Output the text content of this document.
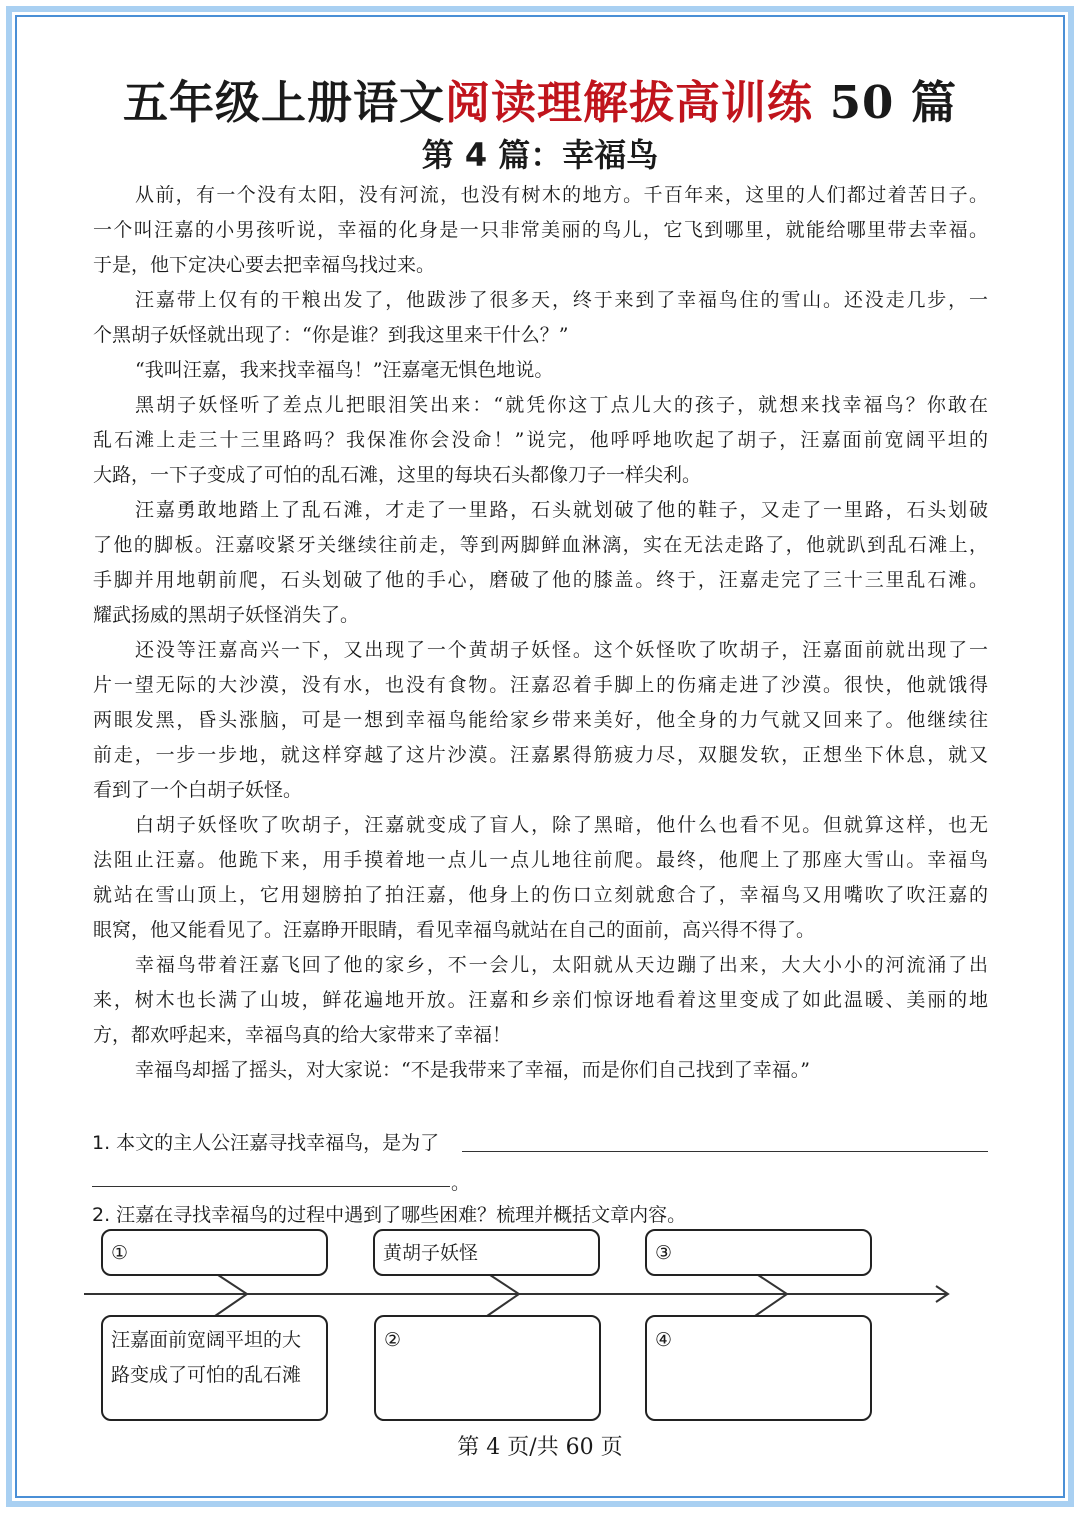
五年级上册语文阅读理解拔高训练 50 篇
第 4 篇：幸福鸟
从前，有一个没有太阳，没有河流，也没有树木的地方。千百年来，这里的人们都过着苦日子。
一个叫汪嘉的小男孩听说，幸福的化身是一只非常美丽的鸟儿，它飞到哪里，就能给哪里带去幸福。
于是，他下定决心要去把幸福鸟找过来。
汪嘉带上仅有的干粮出发了，他跋涉了很多天，终于来到了幸福鸟住的雪山。还没走几步，一
个黑胡子妖怪就出现了：“你是谁？到我这里来干什么？”
“我叫汪嘉，我来找幸福鸟！”汪嘉毫无惧色地说。
黑胡子妖怪听了差点儿把眼泪笑出来：“就凭你这丁点儿大的孩子，就想来找幸福鸟？你敢在
乱石滩上走三十三里路吗？我保准你会没命！”说完，他呼呼地吹起了胡子，汪嘉面前宽阔平坦的
大路，一下子变成了可怕的乱石滩，这里的每块石头都像刀子一样尖利。
汪嘉勇敢地踏上了乱石滩，才走了一里路，石头就划破了他的鞋子，又走了一里路，石头划破
了他的脚板。汪嘉咬紧牙关继续往前走，等到两脚鲜血淋漓，实在无法走路了，他就趴到乱石滩上，
手脚并用地朝前爬，石头划破了他的手心，磨破了他的膝盖。终于，汪嘉走完了三十三里乱石滩。
耀武扬威的黑胡子妖怪消失了。
还没等汪嘉高兴一下，又出现了一个黄胡子妖怪。这个妖怪吹了吹胡子，汪嘉面前就出现了一
片一望无际的大沙漠，没有水，也没有食物。汪嘉忍着手脚上的伤痛走进了沙漠。很快，他就饿得
两眼发黑，昏头涨脑，可是一想到幸福鸟能给家乡带来美好，他全身的力气就又回来了。他继续往
前走，一步一步地，就这样穿越了这片沙漠。汪嘉累得筋疲力尽，双腿发软，正想坐下休息，就又
看到了一个白胡子妖怪。
白胡子妖怪吹了吹胡子，汪嘉就变成了盲人，除了黑暗，他什么也看不见。但就算这样，也无
法阻止汪嘉。他跪下来，用手摸着地一点儿一点儿地往前爬。最终，他爬上了那座大雪山。幸福鸟
就站在雪山顶上，它用翅膀拍了拍汪嘉，他身上的伤口立刻就愈合了，幸福鸟又用嘴吹了吹汪嘉的
眼窝，他又能看见了。汪嘉睁开眼睛，看见幸福鸟就站在自己的面前，高兴得不得了。
幸福鸟带着汪嘉飞回了他的家乡，不一会儿，太阳就从天边蹦了出来，大大小小的河流涌了出
来，树木也长满了山坡，鲜花遍地开放。汪嘉和乡亲们惊讶地看着这里变成了如此温暖、美丽的地
方，都欢呼起来，幸福鸟真的给大家带来了幸福！
幸福鸟却摇了摇头，对大家说：“不是我带来了幸福，而是你们自己找到了幸福。”
1. 本文的主人公汪嘉寻找幸福鸟，是为了
。
2. 汪嘉在寻找幸福鸟的过程中遇到了哪些困难？梳理并概括文章内容。
①	黄胡子妖怪	③
汪嘉面前宽阔平坦的大路变成了可怕的乱石滩
②	④
第 4 页/共 60 页
